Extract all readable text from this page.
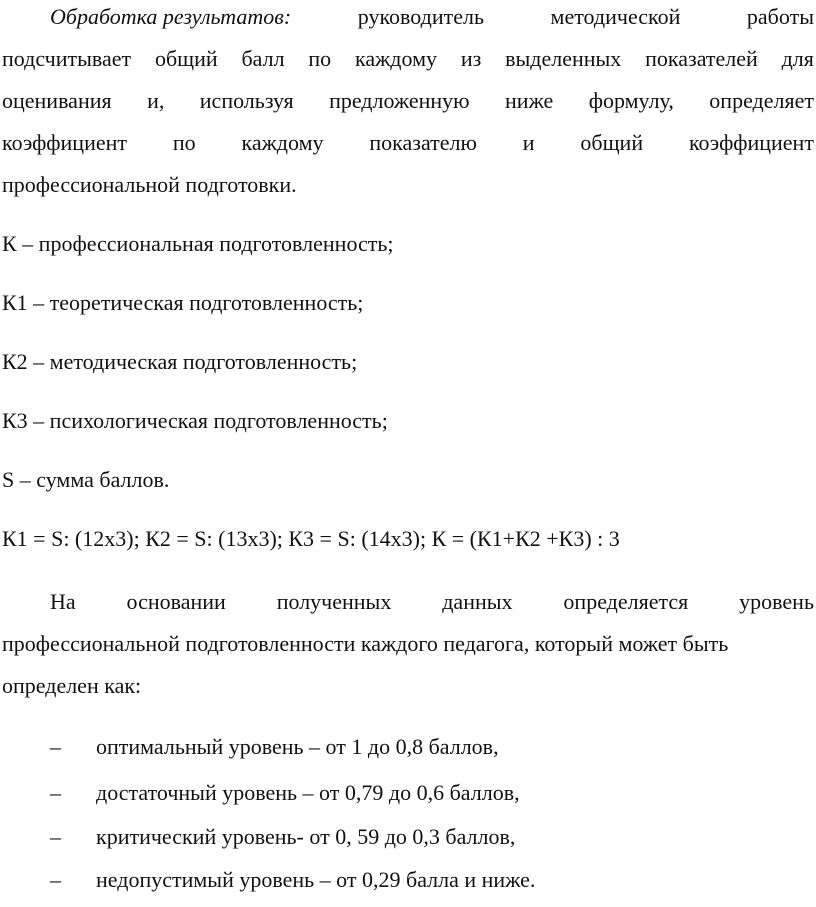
Обработка результатов:	руководитель	методической	работы
подсчитывает общий балл по каждому из выделенных показателей для
оценивания и, используя предложенную ниже формулу, определяет
коэффициент по каждому показателю и общий коэффициент
профессиональной подготовки.
К – профессиональная подготовленность;
К1 – теоретическая подготовленность;
К2 – методическая подготовленность;
К3 – психологическая подготовленность;
S – сумма баллов.
К1 = S: (12х3); К2 = S: (13х3); К3 = S: (14х3); К = (К1+К2 +К3) : 3
На основании полученных данных определяется уровень
профессиональной подготовленности каждого педагога, который может быть
определен как:
–	оптимальный уровень – от 1 до 0,8 баллов,
–	достаточный уровень – от 0,79 до 0,6 баллов,
–	критический уровень- от 0, 59 до 0,3 баллов,
–	недопустимый уровень – от 0,29 балла и ниже.
